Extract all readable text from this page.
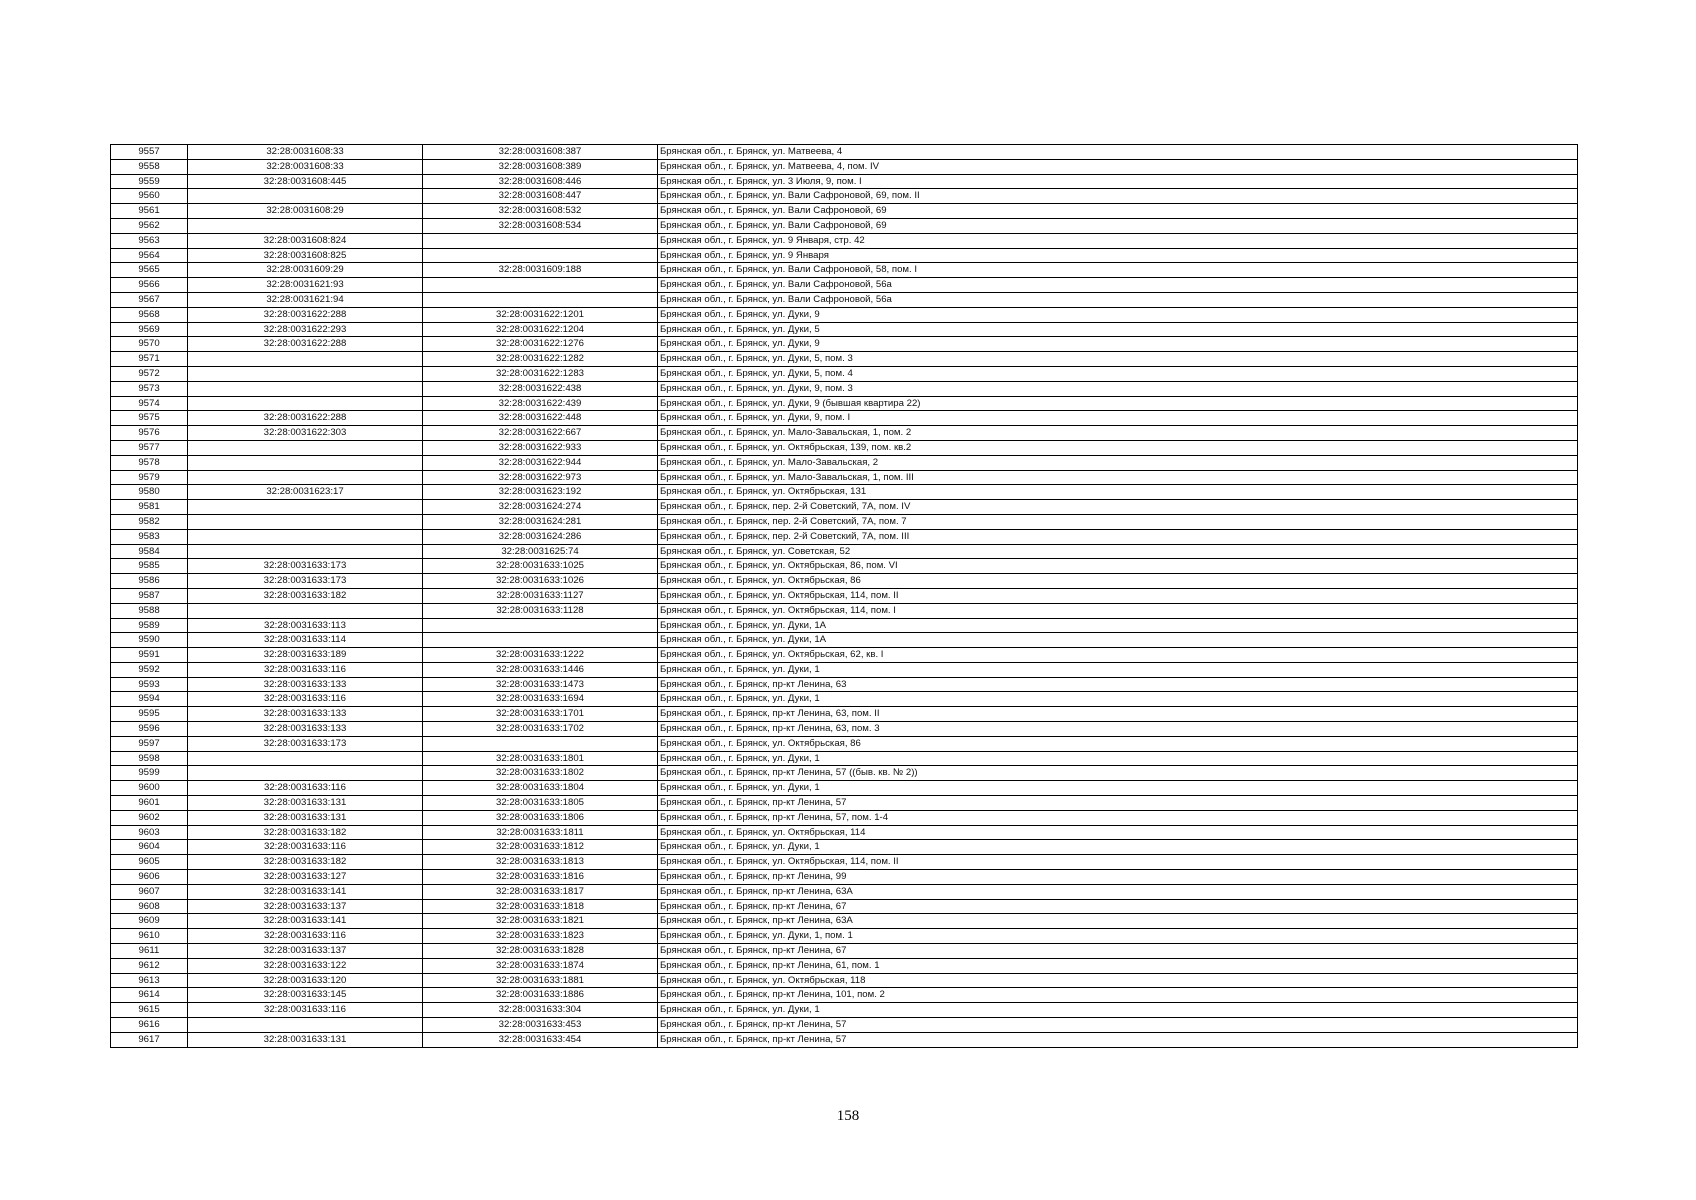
9557	32:28:0031608:33	32:28:0031608:387	Брянская обл., г. Брянск, ул. Матвеева, 4
9558	32:28:0031608:33	32:28:0031608:389	Брянская обл., г. Брянск, ул. Матвеева, 4, пом. IV
9559	32:28:0031608:445	32:28:0031608:446	Брянская обл., г. Брянск, ул. 3 Июля, 9, пом. I
9560		32:28:0031608:447	Брянская обл., г. Брянск, ул. Вали Сафроновой, 69, пом. II
9561	32:28:0031608:29	32:28:0031608:532	Брянская обл., г. Брянск, ул. Вали Сафроновой, 69
9562		32:28:0031608:534	Брянская обл., г. Брянск, ул. Вали Сафроновой, 69
9563	32:28:0031608:824		Брянская обл., г. Брянск, ул. 9 Января, стр. 42
9564	32:28:0031608:825		Брянская обл., г. Брянск, ул. 9 Января
9565	32:28:0031609:29	32:28:0031609:188	Брянская обл., г. Брянск, ул. Вали Сафроновой, 58, пом. I
9566	32:28:0031621:93		Брянская обл., г. Брянск, ул. Вали Сафроновой, 56а
9567	32:28:0031621:94		Брянская обл., г. Брянск, ул. Вали Сафроновой, 56а
9568	32:28:0031622:288	32:28:0031622:1201	Брянская обл., г. Брянск, ул. Дуки, 9
9569	32:28:0031622:293	32:28:0031622:1204	Брянская обл., г. Брянск, ул. Дуки, 5
9570	32:28:0031622:288	32:28:0031622:1276	Брянская обл., г. Брянск, ул. Дуки, 9
9571		32:28:0031622:1282	Брянская обл., г. Брянск, ул. Дуки, 5, пом. 3
9572		32:28:0031622:1283	Брянская обл., г. Брянск, ул. Дуки, 5, пом. 4
9573		32:28:0031622:438	Брянская обл., г. Брянск, ул. Дуки, 9, пом. 3
9574		32:28:0031622:439	Брянская обл., г. Брянск, ул. Дуки, 9 (бывшая квартира 22)
9575	32:28:0031622:288	32:28:0031622:448	Брянская обл., г. Брянск, ул. Дуки, 9, пом. I
9576	32:28:0031622:303	32:28:0031622:667	Брянская обл., г. Брянск, ул. Мало-Завальская, 1, пом. 2
9577		32:28:0031622:933	Брянская обл., г. Брянск, ул. Октябрьская, 139, пом. кв.2
9578		32:28:0031622:944	Брянская обл., г. Брянск, ул. Мало-Завальская, 2
9579		32:28:0031622:973	Брянская обл., г. Брянск, ул. Мало-Завальская, 1, пом. III
9580	32:28:0031623:17	32:28:0031623:192	Брянская обл., г. Брянск, ул. Октябрьская, 131
9581		32:28:0031624:274	Брянская обл., г. Брянск, пер. 2-й Советский, 7А, пом. IV
9582		32:28:0031624:281	Брянская обл., г. Брянск, пер. 2-й Советский, 7А, пом. 7
9583		32:28:0031624:286	Брянская обл., г. Брянск, пер. 2-й Советский, 7А, пом. III
9584		32:28:0031625:74	Брянская обл., г. Брянск, ул. Советская, 52
9585	32:28:0031633:173	32:28:0031633:1025	Брянская обл., г. Брянск, ул. Октябрьская, 86, пом. VI
9586	32:28:0031633:173	32:28:0031633:1026	Брянская обл., г. Брянск, ул. Октябрьская, 86
9587	32:28:0031633:182	32:28:0031633:1127	Брянская обл., г. Брянск, ул. Октябрьская, 114, пом. II
9588		32:28:0031633:1128	Брянская обл., г. Брянск, ул. Октябрьская, 114, пом. I
9589	32:28:0031633:113		Брянская обл., г. Брянск, ул. Дуки, 1А
9590	32:28:0031633:114		Брянская обл., г. Брянск, ул. Дуки, 1А
9591	32:28:0031633:189	32:28:0031633:1222	Брянская обл., г. Брянск, ул. Октябрьская, 62, кв. I
9592	32:28:0031633:116	32:28:0031633:1446	Брянская обл., г. Брянск, ул. Дуки, 1
9593	32:28:0031633:133	32:28:0031633:1473	Брянская обл., г. Брянск, пр-кт Ленина, 63
9594	32:28:0031633:116	32:28:0031633:1694	Брянская обл., г. Брянск, ул. Дуки, 1
9595	32:28:0031633:133	32:28:0031633:1701	Брянская обл., г. Брянск, пр-кт Ленина, 63, пом. II
9596	32:28:0031633:133	32:28:0031633:1702	Брянская обл., г. Брянск, пр-кт Ленина, 63, пом. 3
9597	32:28:0031633:173		Брянская обл., г. Брянск, ул. Октябрьская, 86
9598		32:28:0031633:1801	Брянская обл., г. Брянск, ул. Дуки, 1
9599		32:28:0031633:1802	Брянская обл., г. Брянск, пр-кт Ленина, 57 ((быв. кв. № 2))
9600	32:28:0031633:116	32:28:0031633:1804	Брянская обл., г. Брянск, ул. Дуки, 1
9601	32:28:0031633:131	32:28:0031633:1805	Брянская обл., г. Брянск, пр-кт Ленина, 57
9602	32:28:0031633:131	32:28:0031633:1806	Брянская обл., г. Брянск, пр-кт Ленина, 57, пом. 1-4
9603	32:28:0031633:182	32:28:0031633:1811	Брянская обл., г. Брянск, ул. Октябрьская, 114
9604	32:28:0031633:116	32:28:0031633:1812	Брянская обл., г. Брянск, ул. Дуки, 1
9605	32:28:0031633:182	32:28:0031633:1813	Брянская обл., г. Брянск, ул. Октябрьская, 114, пом. II
9606	32:28:0031633:127	32:28:0031633:1816	Брянская обл., г. Брянск, пр-кт Ленина, 99
9607	32:28:0031633:141	32:28:0031633:1817	Брянская обл., г. Брянск, пр-кт Ленина, 63А
9608	32:28:0031633:137	32:28:0031633:1818	Брянская обл., г. Брянск, пр-кт Ленина, 67
9609	32:28:0031633:141	32:28:0031633:1821	Брянская обл., г. Брянск, пр-кт Ленина, 63А
9610	32:28:0031633:116	32:28:0031633:1823	Брянская обл., г. Брянск, ул. Дуки, 1, пом. 1
9611	32:28:0031633:137	32:28:0031633:1828	Брянская обл., г. Брянск, пр-кт Ленина, 67
9612	32:28:0031633:122	32:28:0031633:1874	Брянская обл., г. Брянск, пр-кт Ленина, 61, пом. 1
9613	32:28:0031633:120	32:28:0031633:1881	Брянская обл., г. Брянск, ул. Октябрьская, 118
9614	32:28:0031633:145	32:28:0031633:1886	Брянская обл., г. Брянск, пр-кт Ленина, 101, пом. 2
9615	32:28:0031633:116	32:28:0031633:304	Брянская обл., г. Брянск, ул. Дуки, 1
9616		32:28:0031633:453	Брянская обл., г. Брянск, пр-кт Ленина, 57
9617	32:28:0031633:131	32:28:0031633:454	Брянская обл., г. Брянск, пр-кт Ленина, 57
158
